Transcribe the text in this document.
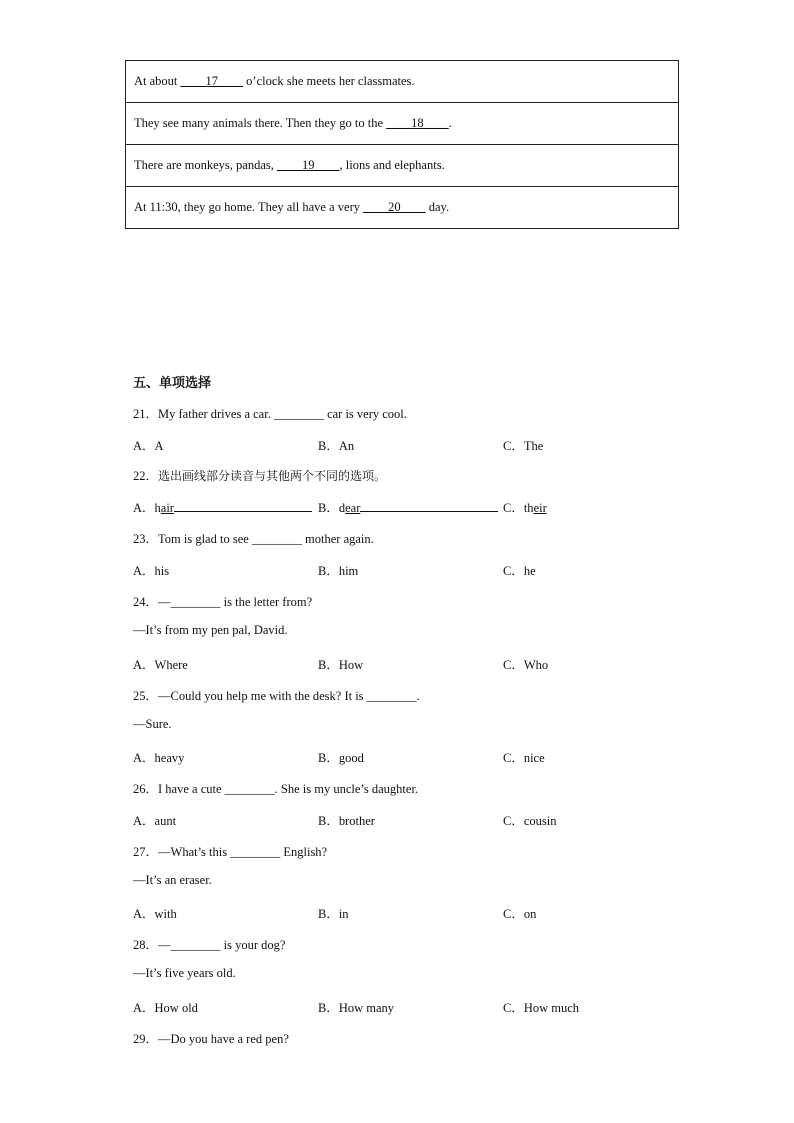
At about ____17____ o’clock she meets her classmates.
They see many animals there. Then they go to the ____18____.
There are monkeys, pandas, ____19____, lions and elephants.
At 11:30, they go home. They all have a very ____20____ day.
五、单项选择
21．My father drives a car. ________ car is very cool.
A．A	B．An	C．The
22．选出画线部分读音与其他两个不同的选项。
A．hair	B．dear	C．their
23．Tom is glad to see ________ mother again.
A．his	B．him	C．he
24．—________ is the letter from?
—It’s from my pen pal, David.
A．Where	B．How	C．Who
25．—Could you help me with the desk? It is ________.
—Sure.
A．heavy	B．good	C．nice
26．I have a cute ________. She is my uncle’s daughter.
A．aunt	B．brother	C．cousin
27．—What’s this ________ English?
—It’s an eraser.
A．with	B．in	C．on
28．—________ is your dog?
—It’s five years old.
A．How old	B．How many	C．How much
29．—Do you have a red pen?
